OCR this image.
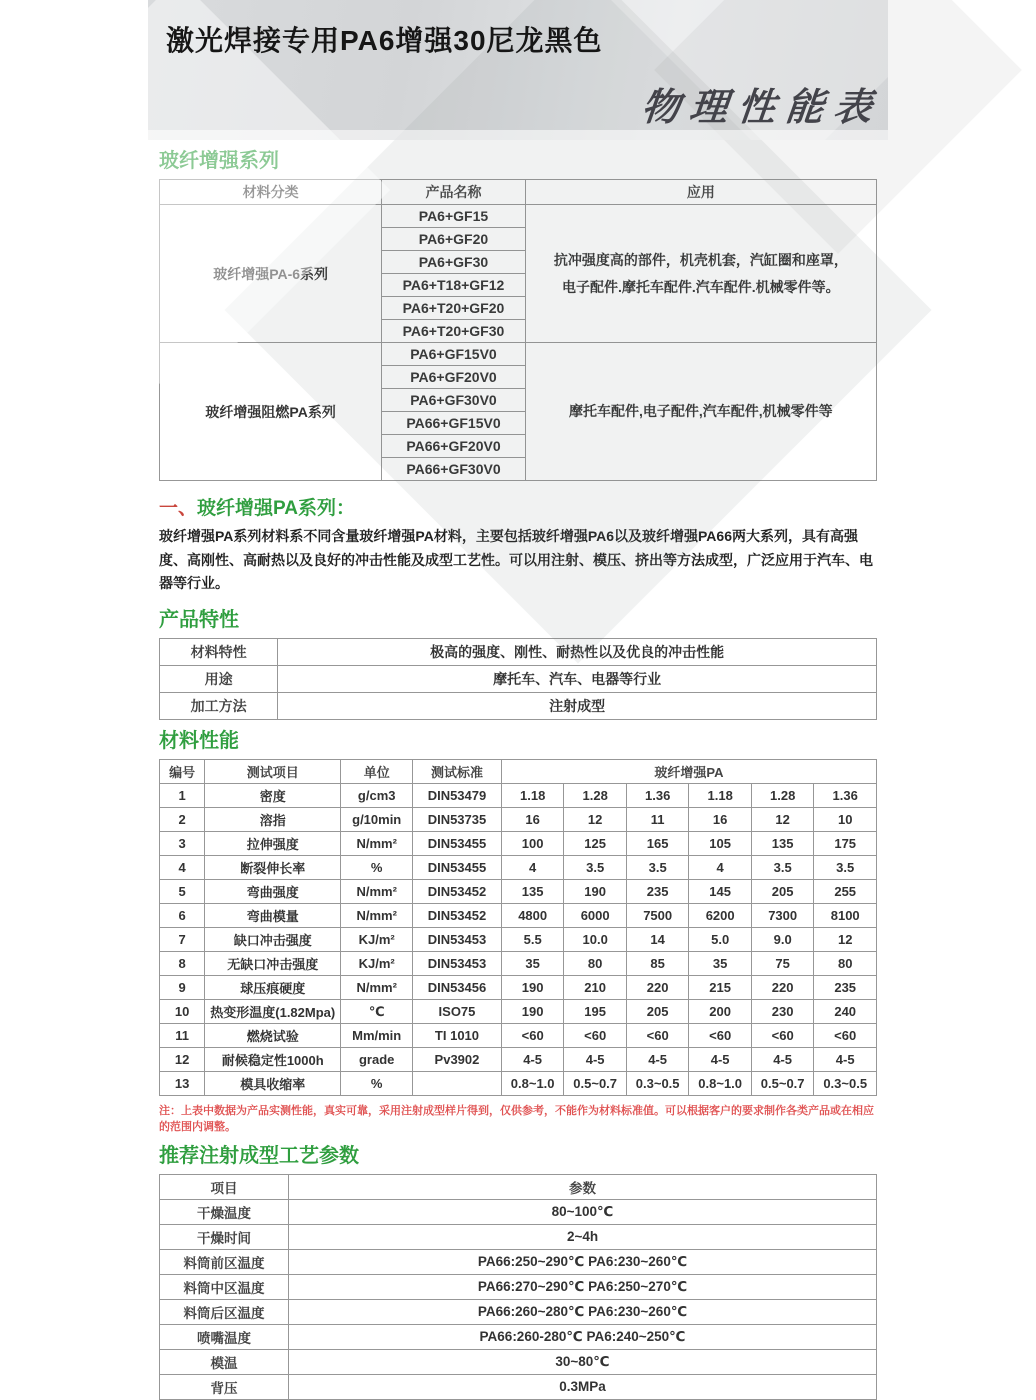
激光焊接专用PA6增强30尼龙黑色
物理性能表
玻纤增强系列
材料分类	产品名称	应用
玻纤增强PA-6系列	PA6+GF15	抗冲强度高的部件，机壳机套，汽缸圈和座罩，电子配件.摩托车配件.汽车配件.机械零件等。
	PA6+GF20	
	PA6+GF30	
	PA6+T18+GF12	
	PA6+T20+GF20	
	PA6+T20+GF30	
玻纤增强阻燃PA系列	PA6+GF15V0	摩托车配件,电子配件,汽车配件,机械零件等
	PA6+GF20V0	
	PA6+GF30V0	
	PA66+GF15V0	
	PA66+GF20V0	
	PA66+GF30V0	
一、玻纤增强PA系列：

玻纤增强PA系列材料系不同含量玻纤增强PA材料，主要包括玻纤增强PA6以及玻纤增强PA66两大系列，具有高强度、高刚性、高耐热以及良好的冲击性能及成型工艺性。可以用注射、模压、挤出等方法成型，广泛应用于汽车、电器等行业。

产品特性
材料特性	极高的强度、刚性、耐热性以及优良的冲击性能
用途	摩托车、汽车、电器等行业
加工方法	注射成型
材料性能
编号	测试项目	单位	测试标准	玻纤增强PA					
1	密度	g/cm3	DIN53479	1.18	1.28	1.36	1.18	1.28	1.36
2	溶指	g/10min	DIN53735	16	12	11	16	12	10
3	拉伸强度	N/mm²	DIN53455	100	125	165	105	135	175
4	断裂伸长率	%	DIN53455	4	3.5	3.5	4	3.5	3.5
5	弯曲强度	N/mm²	DIN53452	135	190	235	145	205	255
6	弯曲模量	N/mm²	DIN53452	4800	6000	7500	6200	7300	8100
7	缺口冲击强度	KJ/m²	DIN53453	5.5	10.0	14	5.0	9.0	12
8	无缺口冲击强度	KJ/m²	DIN53453	35	80	85	35	75	80
9	球压痕硬度	N/mm²	DIN53456	190	210	220	215	220	235
10	热变形温度(1.82Mpa)	℃	ISO75	190	195	205	200	230	240
11	燃烧试验	Mm/min	TI 1010	<60	<60	<60	<60	<60	<60
12	耐候稳定性1000h	grade	Pv3902	4-5	4-5	4-5	4-5	4-5	4-5
13	模具收缩率	%		0.8~1.0	0.5~0.7	0.3~0.5	0.8~1.0	0.5~0.7	0.3~0.5

注：上表中数据为产品实测性能，真实可靠，采用注射成型样片得到，仅供参考，不能作为材料标准值。可以根据客户的要求制作各类产品或在相应的范围内调整。

推荐注射成型工艺参数
项目	参数
干燥温度	80~100℃
干燥时间	2~4h
料筒前区温度	PA66:250~290℃ PA6:230~260℃
料筒中区温度	PA66:270~290℃ PA6:250~270℃
料筒后区温度	PA66:260~280℃ PA6:230~260℃
喷嘴温度	PA66:260-280℃ PA6:240~250℃
模温	30~80℃
背压	0.3MPa
